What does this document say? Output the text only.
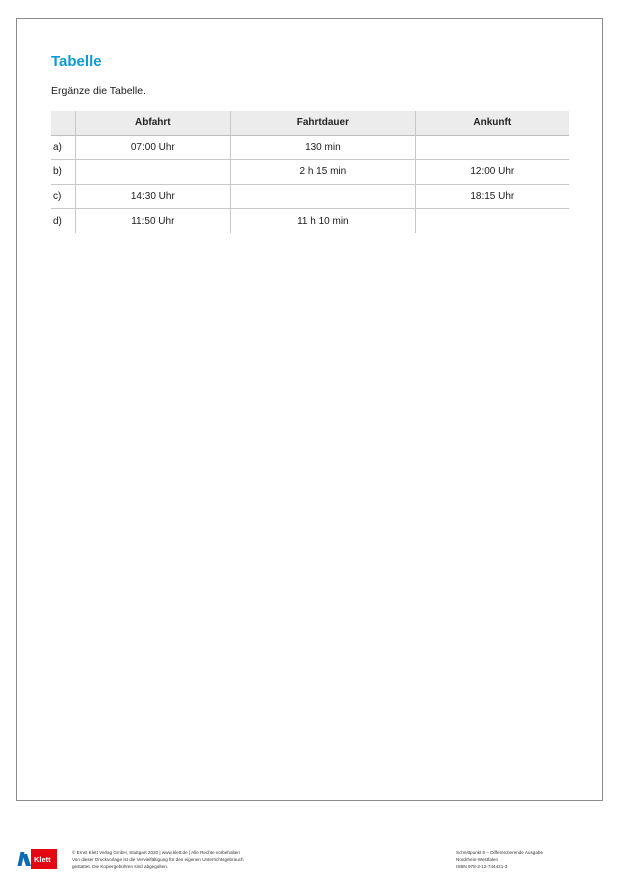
Tabelle

Ergänze die Tabelle.

	Abfahrt	Fahrtdauer	Ankunft
a)	07:00 Uhr	130 min	
b)		2 h 15 min	12:00 Uhr
c)	14:30 Uhr		18:15 Uhr
d)	11:50 Uhr	11 h 10 min	
Klett
© Ernst Klett Verlag GmbH, Stuttgart 2020 | www.klett.de | Alle Rechte vorbehalten
Von dieser Druckvorlage ist die Vervielfältigung für den eigenen Unterrichtsgebrauch
gestattet. Die Kopiergebühren sind abgegolten.
Schnittpunkt 5 – Differenzierende Ausgabe
Nordrhein-Westfalen
ISBN 978-3-12-744421-3
